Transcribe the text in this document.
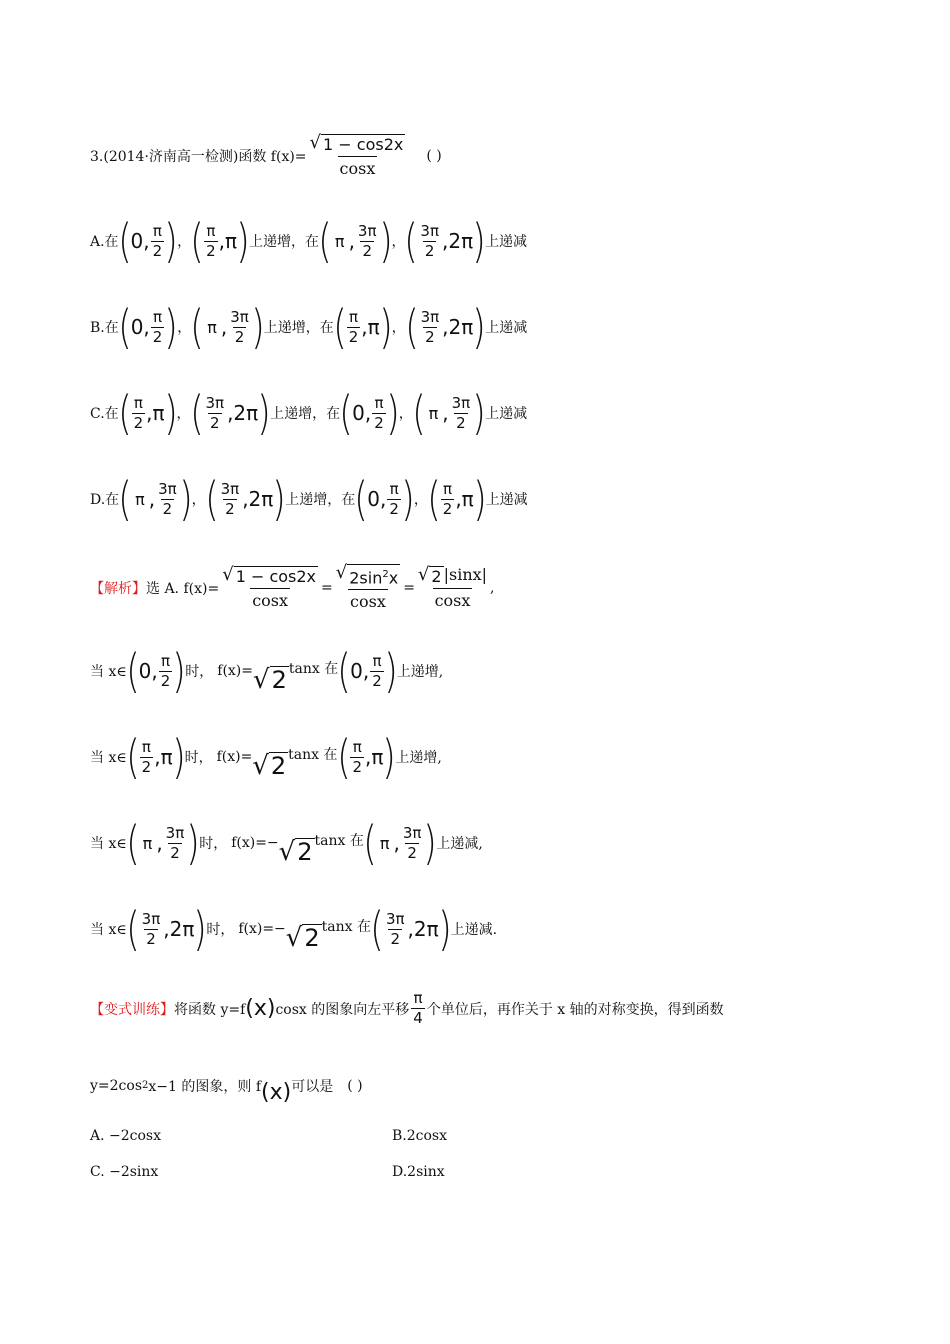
3.(2014·济南高一检测)函数 $f(x)= \frac{√ 1 - \cos 2x}{\cos x}$ ( )
A.在 ( 0, $\frac{\pi}{2}$ ) ， ( $\frac{\pi}{2} ,\pi$ ) 上递增，在 ( π , $\frac{3\pi}{2}$ ) ， ( $\frac{3\pi}{2} ,2\pi$ ) 上递减
B.在 ( 0, $\frac{\pi}{2}$ ) ， ( π , $\frac{3\pi}{2}$ ) 上递增，在 ( $\frac{\pi}{2} ,\pi$ ) ， ( $\frac{3\pi}{2} ,2\pi$ ) 上递减
C.在 ( $\frac{\pi}{2} ,\pi$ ) ， ( $\frac{3\pi}{2} ,2\pi$ ) 上递增，在 ( 0, $\frac{\pi}{2}$ ) ， ( π , $\frac{3\pi}{2}$ ) 上递减
D.在 ( π , $\frac{3\pi}{2}$ ) ， ( $\frac{3\pi}{2} ,2\pi$ ) 上递增，在 ( 0, $\frac{\pi}{2}$ ) ， ( $\frac{\pi}{2} ,\pi$ ) 上递减
【解析】 选 A. $f(x)= \frac{√ 1 - \cos 2x}{\cos x} = \frac{√ 2\sin^2x}{\cos x} = \frac{√ 2 |\sin x|}{\cos x}$ ,
当 x∈ ( 0, $\frac{\pi}{2}$ ) 时， f(x)= √ 2 tanx 在 ( 0, $\frac{\pi}{2}$ ) 上递增,
当 x∈ ( $\frac{\pi}{2} ,\pi$ ) 时， f(x)= √ 2 tanx 在 ( $\frac{\pi}{2} ,\pi$ ) 上递增,
当 x∈ ( π , $\frac{3\pi}{2}$ ) 时， f(x)=− √ 2 tanx 在 ( π , $\frac{3\pi}{2}$ ) 上递减,
当 x∈ ( $\frac{3\pi}{2} ,2\pi$ ) 时， f(x)=− √ 2 tanx 在 ( $\frac{3\pi}{2} ,2\pi$ ) 上递减.
【变式训练】 将函数 y=f (x) cosx 的图象向左平移 $\frac{\pi}{4}$ 个单位后，再作关于 x 轴的对称变换，得到函数
y=2cos 2 x−1 的图象，则 f (x) 可以是 ( )
A. −2cosx	B.2cosx
C. −2sinx	D.2sinx
